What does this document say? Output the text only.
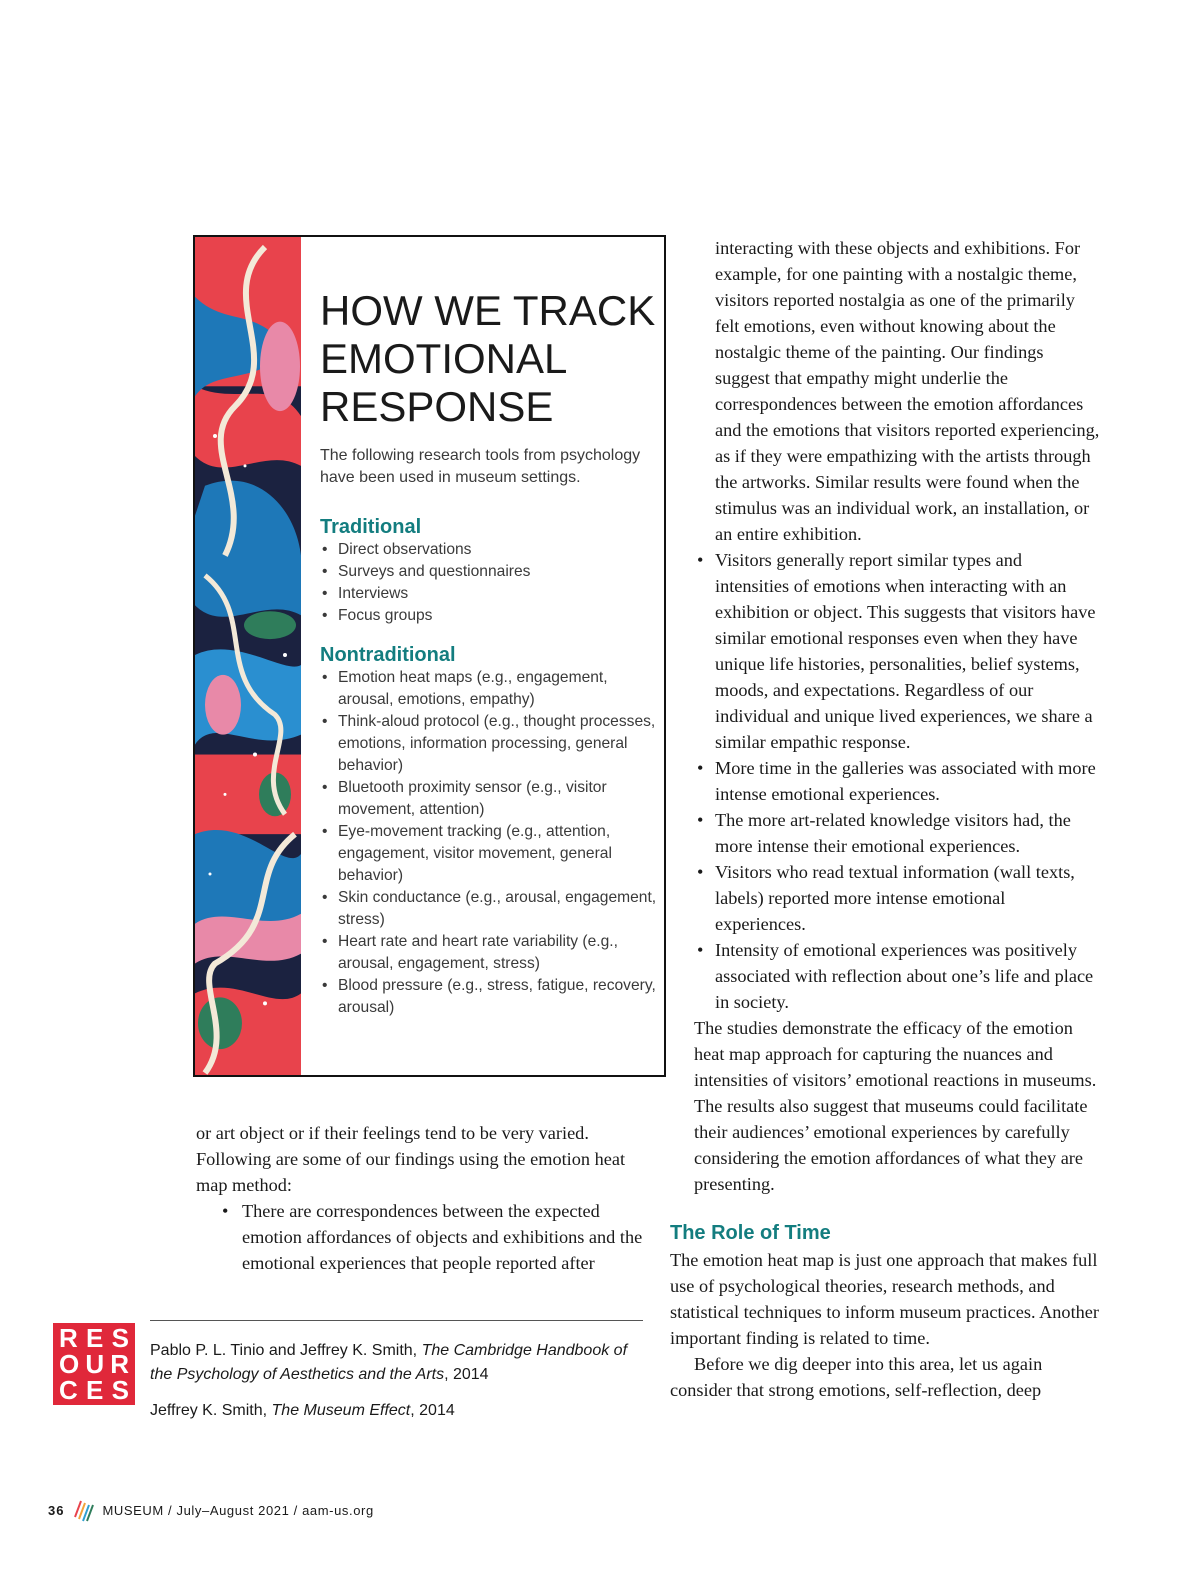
HOW WE TRACK
EMOTIONAL
RESPONSE

The following research tools from psychology have been used in museum settings.

Traditional
• Direct observations
• Surveys and questionnaires
• Interviews
• Focus groups
Nontraditional
• Emotion heat maps (e.g., engagement, arousal, emotions, empathy)
• Think-aloud protocol (e.g., thought processes, emotions, information processing, general behavior)
• Bluetooth proximity sensor (e.g., visitor movement, attention)
• Eye-movement tracking (e.g., attention, engagement, visitor movement, general behavior)
• Skin conductance (e.g., arousal, engagement, stress)
• Heart rate and heart rate variability (e.g., arousal, engagement, stress)
• Blood pressure (e.g., stress, fatigue, recovery, arousal)

or art object or if their feelings tend to be very varied. Following are some of our findings using the emotion heat map method:

• There are correspondences between the expected emotion affordances of objects and exhibitions and the emotional experiences that people reported after

interacting with these objects and exhibitions. For example, for one painting with a nostalgic theme, visitors reported nostalgia as one of the primarily felt emotions, even without knowing about the nostalgic theme of the painting. Our findings suggest that empathy might underlie the correspondences between the emotion affordances and the emotions that visitors reported experiencing, as if they were empathizing with the artists through the artworks. Similar results were found when the stimulus was an individual work, an installation, or an entire exhibition.

• Visitors generally report similar types and intensities of emotions when interacting with an exhibition or object. This suggests that visitors have similar emotional responses even when they have unique life histories, personalities, belief systems, moods, and expectations. Regardless of our individual and unique lived experiences, we share a similar empathic response.
• More time in the galleries was associated with more intense emotional experiences.
• The more art-related knowledge visitors had, the more intense their emotional experiences.
• Visitors who read textual information (wall texts, labels) reported more intense emotional experiences.
• Intensity of emotional experiences was positively associated with reflection about one’s life and place in society.

The studies demonstrate the efficacy of the emotion heat map approach for capturing the nuances and intensities of visitors’ emotional reactions in museums. The results also suggest that museums could facilitate their audiences’ emotional experiences by carefully considering the emotion affordances of what they are presenting.

The Role of Time

The emotion heat map is just one approach that makes full use of psychological theories, research methods, and statistical techniques to inform museum practices. Another important finding is related to time.

Before we dig deeper into this area, let us again consider that strong emotions, self-reflection, deep

R E S
O U R
C E S

Pablo P. L. Tinio and Jeffrey K. Smith, The Cambridge Handbook of the Psychology of Aesthetics and the Arts, 2014

Jeffrey K. Smith, The Museum Effect, 2014

36	MUSEUM / July–August 2021 / aam-us.org
